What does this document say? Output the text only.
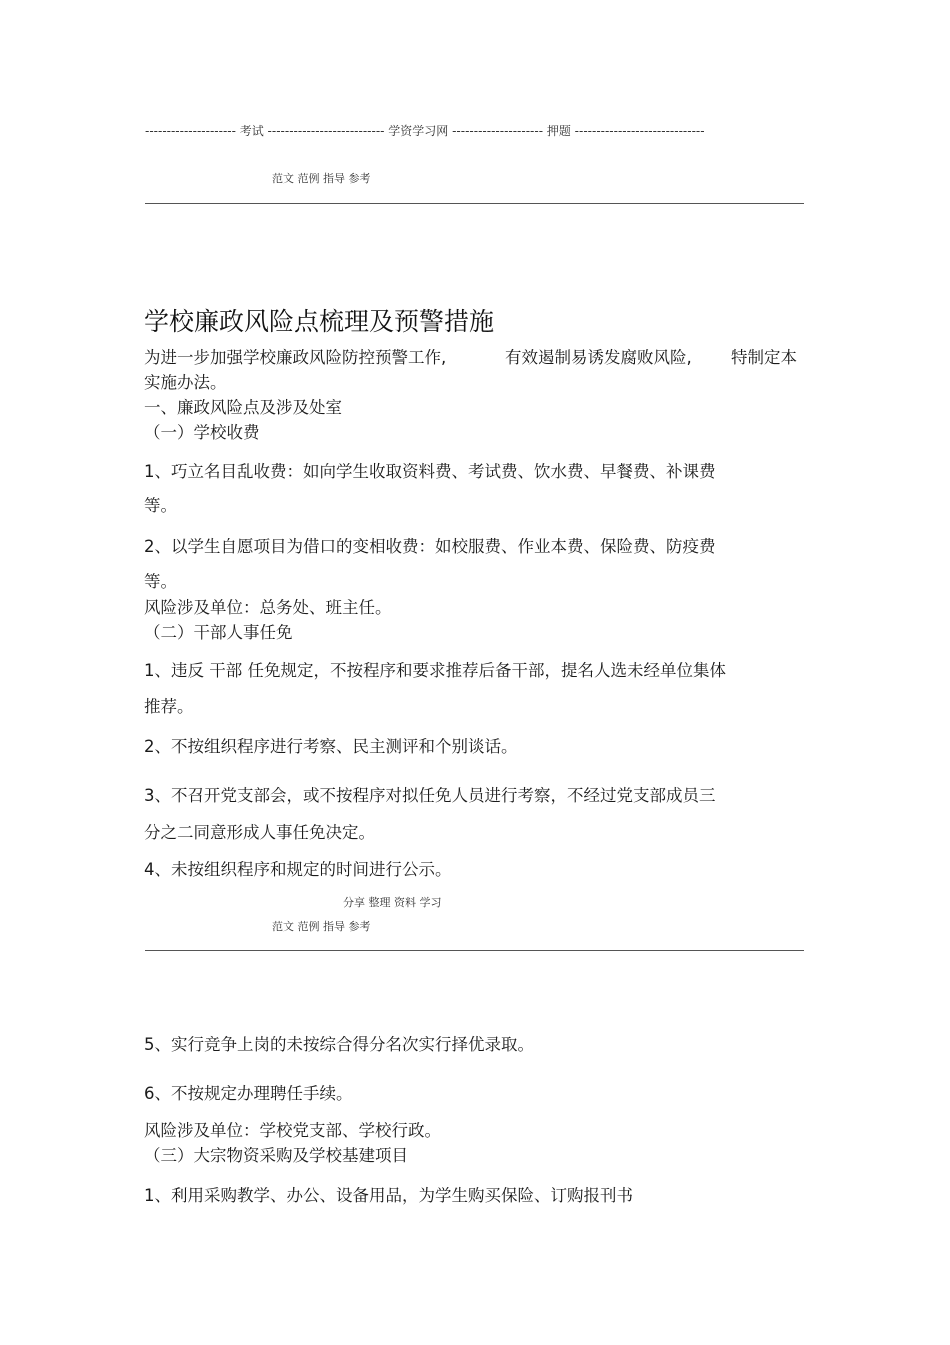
--------------------- 考试 --------------------------- 学资学习网 --------------------- 押题 ------------------------------
范文 范例 指导 参考
学校廉政风险点梳理及预警措施
为进一步加强学校廉政风险防控预警工作,	有效遏制易诱发腐败风险, 特制定本
实施办法。
一、廉政风险点及涉及处室
（一）学校收费
1、巧立名目乱收费：如向学生收取资料费、考试费、饮水费、早餐费、补课费
等。
2、以学生自愿项目为借口的变相收费：如校服费、作业本费、保险费、防疫费
等。
风险涉及单位：总务处、班主任。
（二）干部人事任免
1、违反 干部 任免规定，不按程序和要求推荐后备干部，提名人选未经单位集体
推荐。
2、不按组织程序进行考察、民主测评和个别谈话。
3、不召开党支部会，或不按程序对拟任免人员进行考察，不经过党支部成员三
分之二同意形成人事任免决定。
4、未按组织程序和规定的时间进行公示。
分享 整理 资料 学习
范文 范例 指导 参考
5、实行竞争上岗的未按综合得分名次实行择优录取。
6、不按规定办理聘任手续。
风险涉及单位：学校党支部、学校行政。
（三）大宗物资采购及学校基建项目
1、利用采购教学、办公、设备用品，为学生购买保险、订购报刊书
